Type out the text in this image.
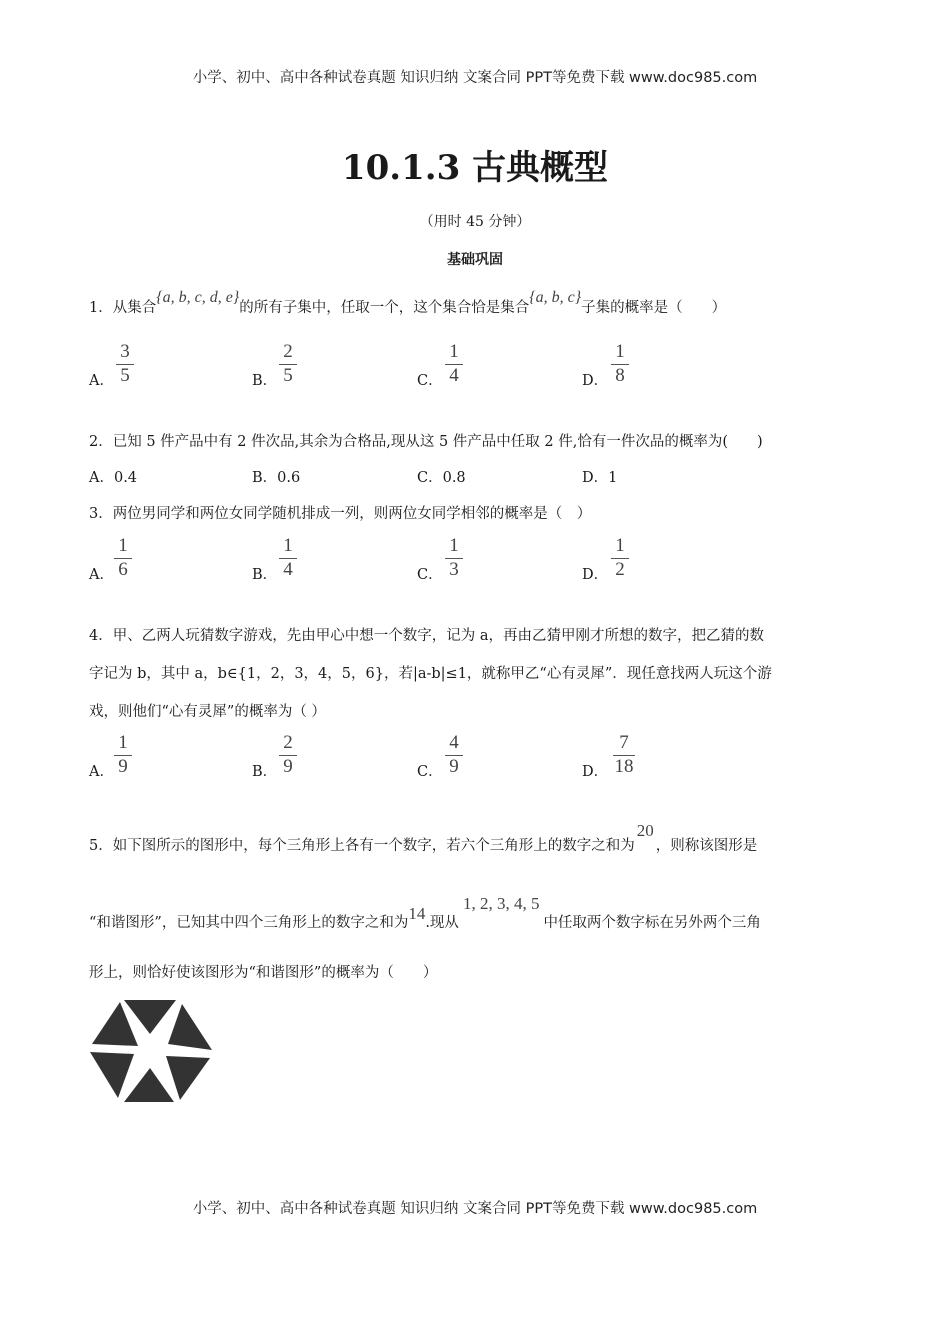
小学、初中、高中各种试卷真题 知识归纳 文案合同 PPT等免费下载 www.doc985.com
10.1.3 古典概型
（用时 45 分钟）
基础巩固
1．从集合{a, b, c, d, e}的所有子集中，任取一个，这个集合恰是集合{a, b, c}子集的概率是（　　）
A．
3
5	B．
2
5	C．
1
4	D．
1
8
2．已知 5 件产品中有 2 件次品,其余为合格品,现从这 5 件产品中任取 2 件,恰有一件次品的概率为(　　)
A．0.4	B．0.6	C．0.8	D．1
3．两位男同学和两位女同学随机排成一列，则两位女同学相邻的概率是（　）
A．
1
6	B．
1
4	C．
1
3	D．
1
2
4．甲、乙两人玩猜数字游戏，先由甲心中想一个数字，记为 a，再由乙猜甲刚才所想的数字，把乙猜的数
字记为 b，其中 a，b∈{1，2，3，4，5，6}，若|a-b|≤1，就称甲乙“心有灵犀”．现任意找两人玩这个游
戏，则他们“心有灵犀”的概率为（ ）
A．
1
9	B．
2
9	C．
4
9	D．
7
18
5．如下图所示的图形中，每个三角形上各有一个数字，若六个三角形上的数字之和为20，则称该图形是
“和谐图形”，已知其中四个三角形上的数字之和为14.现从1, 2, 3, 4, 5中任取两个数字标在另外两个三角
形上，则恰好使该图形为“和谐图形”的概率为（　　）
小学、初中、高中各种试卷真题 知识归纳 文案合同 PPT等免费下载 www.doc985.com
